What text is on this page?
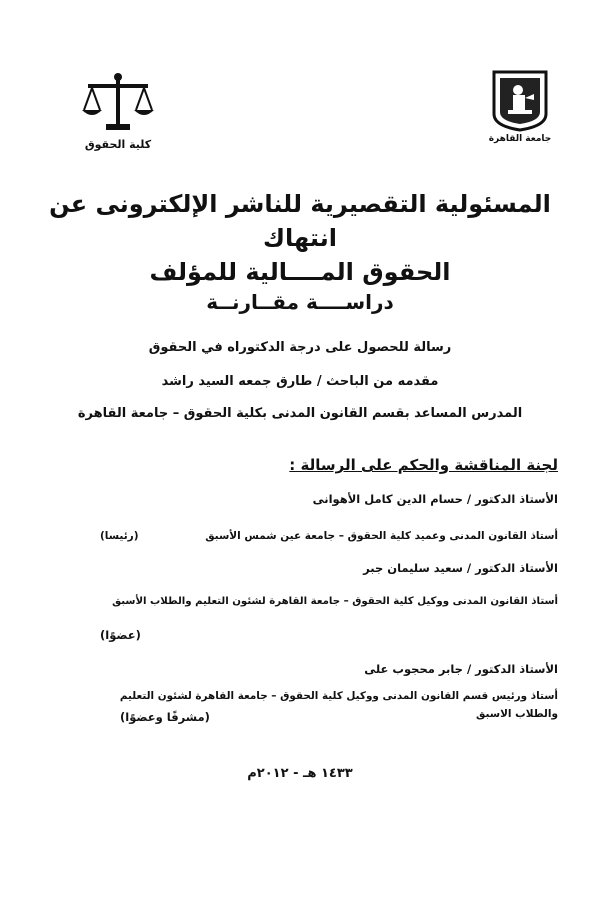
كلية الحقوق	جامعة القاهرة
المسئولية التقصيرية للناشر الإلكترونى عن
انتهاك
الحقوق المــــالية للمؤلف
دراســــة مقــارنــة
رسالة للحصول على درجة الدكتوراه في الحقوق
مقدمه من الباحث / طارق جمعه السيد راشد
المدرس المساعد بقسم القانون المدنى بكلية الحقوق – جامعة القاهرة
لجنة المناقشة والحكم على الرسالة :
الأستاذ الدكتور / حسام الدين كامل الأهوانى
أستاذ القانون المدنى وعميد كلية الحقوق – جامعة عين شمس الأسبق
(رئيسا)
الأستاذ الدكتور / سعيد سليمان جبر
أستاذ القانون المدنى ووكيل كلية الحقوق – جامعة القاهرة لشئون التعليم والطلاب الأسبق
(عضوًا)
الأستاذ الدكتور / جابر محجوب على
أستاذ ورئيس قسم القانون المدنى ووكيل كلية الحقوق – جامعة القاهرة لشئون التعليم
والطلاب الاسبق
(مشرفًا وعضوًا)
١٤٣٣ هـ - ٢٠١٢م
